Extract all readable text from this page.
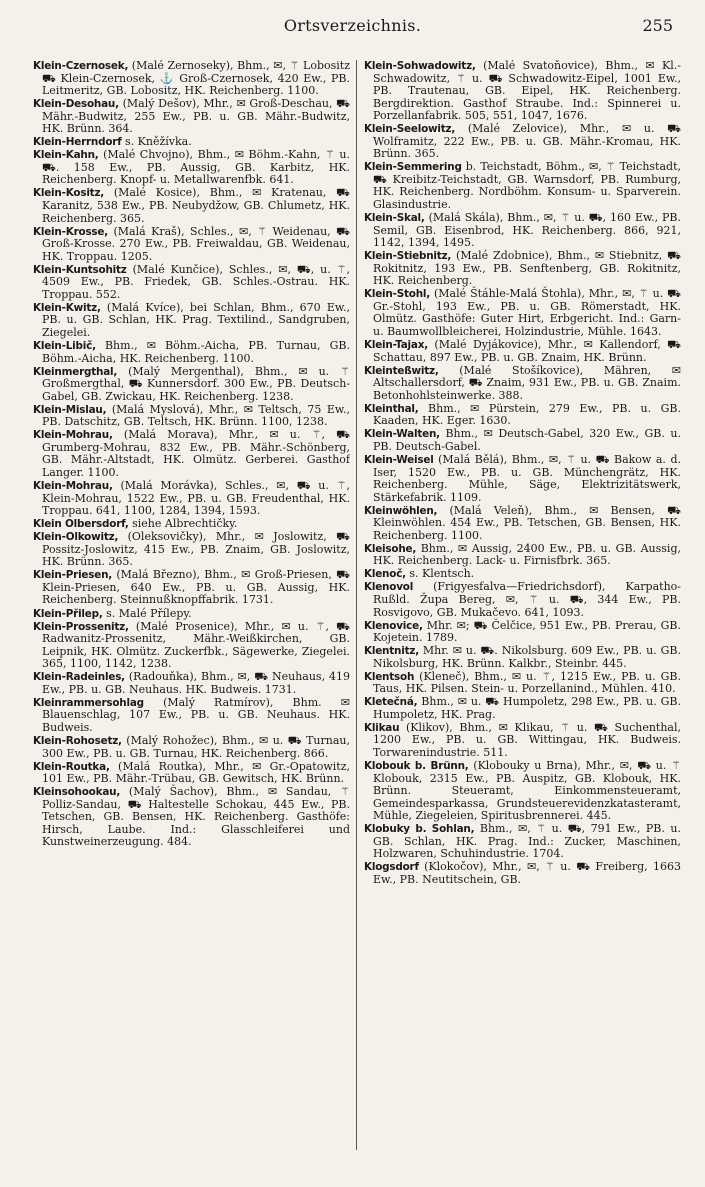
Ortsverzeichnis.	255

Klein-Czernosek, (Malé Žernoseky), Bhm., ✉, ⚚ Lobositz ⛟ Klein-Czernosek, ⚓ Groß-Czernosek, 420 Ew., PB. Leitmeritz, GB. Lobositz, HK. Reichenberg. 1100.

Klein-Desohau, (Malý Dešov), Mhr., ✉ Groß-Deschau, ⛟ Mähr.-Budwitz, 255 Ew., PB. u. GB. Mähr.-Budwitz, HK. Brünn. 364.

Klein-Herrndorf s. Kněžívka.

Klein-Kahn, (Malé Chvojno), Bhm., ✉ Böhm.-Kahn, ⚚ u. ⛟. 158 Ew., PB. Aussig, GB. Karbitz, HK. Reichenberg. Knopf- u. Metallwarenfbk. 641.

Klein-Kositz, (Malé Kosice), Bhm., ✉ Kratenau, ⛟ Karanitz, 538 Ew., PB. Neubydžow, GB. Chlumetz, HK. Reichenberg. 365.

Klein-Krosse, (Malá Kraš), Schles., ✉, ⚚ Weidenau, ⛟ Groß-Krosse. 270 Ew., PB. Freiwaldau, GB. Weidenau, HK. Troppau. 1205.

Klein-Kuntsohitz (Malé Kunčice), Schles., ✉, ⛟, u. ⚚, 4509 Ew., PB. Friedek, GB. Schles.-Ostrau. HK. Troppau. 552.

Klein-Kwitz, (Malá Kvíce), bei Schlan, Bhm., 670 Ew., PB. u. GB. Schlan, HK. Prag. Textilind., Sandgruben, Ziegelei.

Klein-Libič, Bhm., ✉ Böhm.-Aicha, PB. Turnau, GB. Böhm.-Aicha, HK. Reichenberg. 1100.

Kleinmergthal, (Malý Mergenthal), Bhm., ✉ u. ⚚ Großmergthal, ⛟ Kunnersdorf. 300 Ew., PB. Deutsch-Gabel, GB. Zwickau, HK. Reichenberg. 1238.

Klein-Mislau, (Malá Myslová), Mhr., ✉ Teltsch, 75 Ew., PB. Datschitz, GB. Teltsch, HK. Brünn. 1100, 1238.

Klein-Mohrau, (Malá Morava), Mhr., ✉ u. ⚚, ⛟ Grumberg-Mohrau, 832 Ew., PB. Mähr.-Schönberg, GB. Mähr.-Altstadt, HK. Olmütz. Gerberei. Gasthof Langer. 1100.

Klein-Mohrau, (Malá Morávka), Schles., ✉, ⛟ u. ⚚, Klein-Mohrau, 1522 Ew., PB. u. GB. Freudenthal, HK. Troppau. 641, 1100, 1284, 1394, 1593.

Klein Olbersdorf, siehe Albrechtičky.

Klein-Olkowitz, (Oleksovičky), Mhr., ✉ Joslowitz, ⛟ Possitz-Joslowitz, 415 Ew., PB. Znaim, GB. Joslowitz, HK. Brünn. 365.

Klein-Priesen, (Malá Březno), Bhm., ✉ Groß-Priesen, ⛟ Klein-Priesen, 640 Ew., PB. u. GB. Aussig, HK. Reichenberg. Steinnußknopffabrik. 1731.

Klein-Přilep, s. Malé Přílepy.

Klein-Prossenitz, (Malé Prosenice), Mhr., ✉ u. ⚚, ⛟ Radwanitz-Prossenitz, Mähr.-Weißkirchen, GB. Leipnik, HK. Olmütz. Zuckerfbk., Sägewerke, Ziegelei. 365, 1100, 1142, 1238.

Klein-Radeinles, (Radouňka), Bhm., ✉, ⛟ Neuhaus, 419 Ew., PB. u. GB. Neuhaus. HK. Budweis. 1731.

Kleinrammersohlag (Malý Ratmírov), Bhm. ✉ Blauenschlag, 107 Ew., PB. u. GB. Neuhaus. HK. Budweis.

Klein-Rohosetz, (Malý Rohožec), Bhm., ✉ u. ⛟ Turnau, 300 Ew., PB. u. GB. Turnau, HK. Reichenberg. 866.

Klein-Routka, (Malá Routka), Mhr., ✉ Gr.-Opatowitz, 101 Ew., PB. Mähr.-Trübau, GB. Gewitsch, HK. Brünn.

Kleinsohookau, (Malý Šachov), Bhm., ✉ Sandau, ⚚ Polliz-Sandau, ⛟ Haltestelle Schokau, 445 Ew., PB. Tetschen, GB. Bensen, HK. Reichenberg. Gasthöfe: Hirsch, Laube. Ind.: Glasschleiferei und Kunstweinerzeugung. 484.

Klein-Sohwadowitz, (Malé Svatoňovice), Bhm., ✉ Kl.-Schwadowitz, ⚚ u. ⛟ Schwadowitz-Eipel, 1001 Ew., PB. Trautenau, GB. Eipel, HK. Reichenberg. Bergdirektion. Gasthof Straube. Ind.: Spinnerei u. Porzellanfabrik. 505, 551, 1047, 1676.

Klein-Seelowitz, (Malé Zelovice), Mhr., ✉ u. ⛟ Wolframitz, 222 Ew., PB. u. GB. Mähr.-Kromau, HK. Brünn. 365.

Klein-Semmering b. Teichstadt, Böhm., ✉, ⚚ Teichstadt, ⛟ Kreibitz-Teichstadt, GB. Warnsdorf, PB. Rumburg, HK. Reichenberg. Nordböhm. Konsum- u. Sparverein. Glasindustrie.

Klein-Skal, (Malá Skála), Bhm., ✉, ⚚ u. ⛟, 160 Ew., PB. Semil, GB. Eisenbrod, HK. Reichenberg. 866, 921, 1142, 1394, 1495.

Klein-Stiebnitz, (Malé Zdobnice), Bhm., ✉ Stiebnitz, ⛟ Rokitnitz, 193 Ew., PB. Senftenberg, GB. Rokitnitz, HK. Reichenberg.

Klein-Stohl, (Malé Štáhle-Malá Štohla), Mhr., ✉, ⚚ u. ⛟ Gr.-Stohl, 193 Ew., PB. u. GB. Römerstadt, HK. Olmütz. Gasthöfe: Guter Hirt, Erbgericht. Ind.: Garn- u. Baumwollbleicherei, Holzindustrie, Mühle. 1643.

Klein-Tajax, (Malé Dyjákovice), Mhr., ✉ Kallendorf, ⛟ Schattau, 897 Ew., PB. u. GB. Znaim, HK. Brünn.

Kleinteßwitz, (Malé Stošíkovice), Mähren, ✉ Altschallersdorf, ⛟ Znaim, 931 Ew., PB. u. GB. Znaim. Betonhohlsteinwerke. 388.

Kleinthal, Bhm., ✉ Pürstein, 279 Ew., PB. u. GB. Kaaden, HK. Eger. 1630.

Klein-Walten, Bhm., ✉ Deutsch-Gabel, 320 Ew., GB. u. PB. Deutsch-Gabel.

Klein-Weisel (Malá Bělá), Bhm., ✉, ⚚ u. ⛟ Bakow a. d. Iser, 1520 Ew., PB. u. GB. Münchengrätz, HK. Reichenberg. Mühle, Säge, Elektrizitätswerk, Stärkefabrik. 1109.

Kleinwöhlen, (Malá Veleň), Bhm., ✉ Bensen, ⛟ Kleinwöhlen. 454 Ew., PB. Tetschen, GB. Bensen, HK. Reichenberg. 1100.

Kleisohe, Bhm., ✉ Aussig, 2400 Ew., PB. u. GB. Aussig, HK. Reichenberg. Lack- u. Firnisfbrk. 365.

Klenoč, s. Klentsch.

Klenovol (Frigyesfalva—Friedrichsdorf), Karpatho-Rußld. Župa Bereg, ✉, ⚚ u. ⛟, 344 Ew., PB. Rosvigovo, GB. Mukačevo. 641, 1093.

Klenovice, Mhr. ✉; ⛟ Čelčice, 951 Ew., PB. Prerau, GB. Kojetein. 1789.

Klentnitz, Mhr. ✉ u. ⛟. Nikolsburg. 609 Ew., PB. u. GB. Nikolsburg, HK. Brünn. Kalkbr., Steinbr. 445.

Klentsoh (Kleneč), Bhm., ✉ u. ⚚, 1215 Ew., PB. u. GB. Taus, HK. Pilsen. Stein- u. Porzellanind., Mühlen. 410.

Kletečná, Bhm., ✉ u. ⛟ Humpoletz, 298 Ew., PB. u. GB. Humpoletz, HK. Prag.

Klikau (Klikov), Bhm., ✉ Klikau, ⚚ u. ⛟ Suchenthal, 1200 Ew., PB. u. GB. Wittingau, HK. Budweis. Torwarenindustrie. 511.

Klobouk b. Brünn, (Klobouky u Brna), Mhr., ✉, ⛟ u. ⚚ Klobouk, 2315 Ew., PB. Auspitz, GB. Klobouk, HK. Brünn. Steueramt, Einkommensteueramt, Gemeindesparkassa, Grundsteuerevidenzkatasteramt, Mühle, Ziegeleien, Spiritusbrennerei. 445.

Klobuky b. Sohlan, Bhm., ✉, ⚚ u. ⛟, 791 Ew., PB. u. GB. Schlan, HK. Prag. Ind.: Zucker, Maschinen, Holzwaren, Schuhindustrie. 1704.

Klogsdorf (Klokočov), Mhr., ✉, ⚚ u. ⛟ Freiberg, 1663 Ew., PB. Neutitschein, GB.
